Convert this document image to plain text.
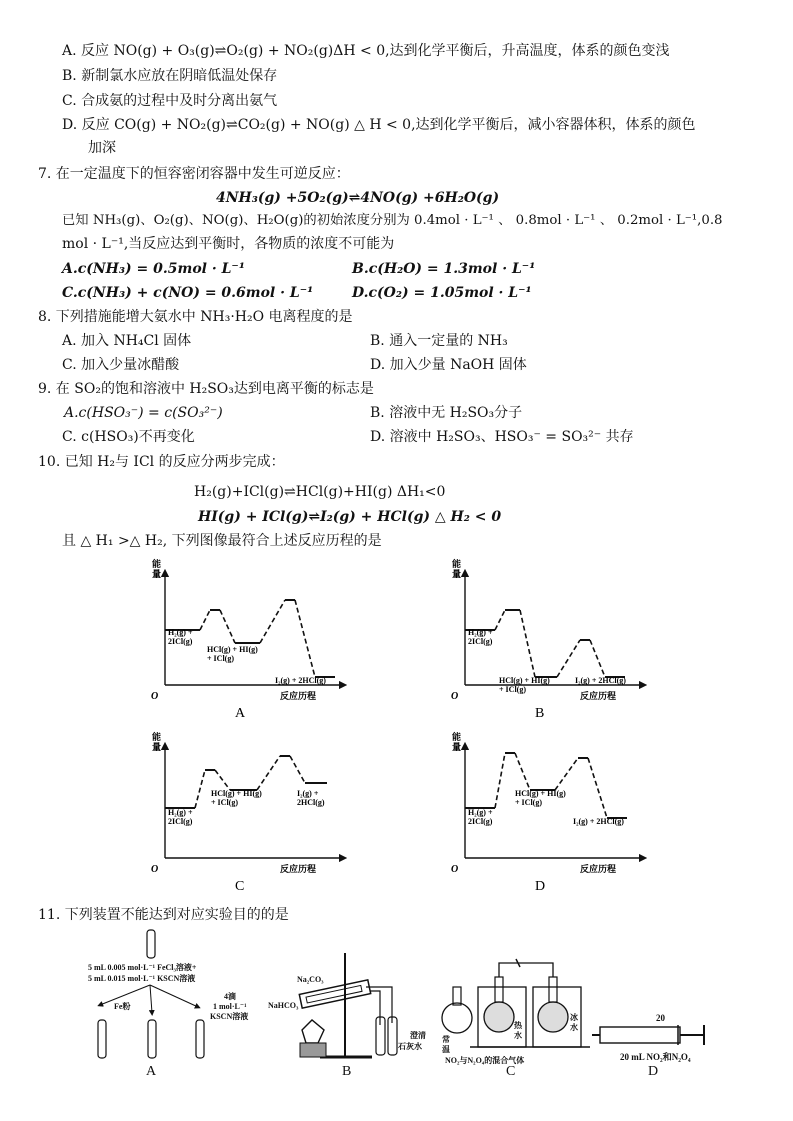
A. 反应 NO(g) + O₃(g)⇌O₂(g) + NO₂(g)ΔH < 0,达到化学平衡后，升高温度，体系的颜色变浅
B. 新制氯水应放在阴暗低温处保存
C. 合成氨的过程中及时分离出氨气
D. 反应 CO(g) + NO₂(g)⇌CO₂(g) + NO(g) △ H < 0,达到化学平衡后，减小容器体积，体系的颜色
加深
7. 在一定温度下的恒容密闭容器中发生可逆反应：
4NH₃(g) +5O₂(g)⇌4NO(g) +6H₂O(g)
已知 NH₃(g)、O₂(g)、NO(g)、H₂O(g)的初始浓度分别为 0.4mol · L⁻¹ 、 0.8mol · L⁻¹ 、 0.2mol · L⁻¹,0.8
mol · L⁻¹,当反应达到平衡时，各物质的浓度不可能为
A.c(NH₃) = 0.5mol · L⁻¹	B.c(H₂O) = 1.3mol · L⁻¹
C.c(NH₃) + c(NO) = 0.6mol · L⁻¹	D.c(O₂) = 1.05mol · L⁻¹
8. 下列措施能增大氨水中 NH₃·H₂O 电离程度的是
A. 加入 NH₄Cl 固体	B. 通入一定量的 NH₃
C. 加入少量冰醋酸	D. 加入少量 NaOH 固体
9. 在 SO₂的饱和溶液中 H₂SO₃达到电离平衡的标志是
A.c(HSO₃⁻) = c(SO₃²⁻)	B. 溶液中无 H₂SO₃分子
C. c(HSO₃)不再变化	D. 溶液中 H₂SO₃、HSO₃⁻ = SO₃²⁻ 共存
10. 已知 H₂与 ICl 的反应分两步完成：
H₂(g)+ICl(g)⇌HCl(g)+HI(g) ΔH₁<0
HI(g) + ICl(g)⇌I₂(g) + HCl(g) △ H₂ < 0
且 △ H₁ >△ H₂, 下列图像最符合上述反应历程的是
能
量
O	反应历程
H₂(g) +
2ICl(g)
HCl(g) + HI(g)
+ ICl(g)
I₂(g) + 2HCl(g)
A
能
量
O	反应历程
H₂(g) +
2ICl(g)
HCl(g) + HI(g)
+ ICl(g)
I₂(g) + 2HCl(g)
B
能
量
O	反应历程
H₂(g) +
2ICl(g)
HCl(g) + HI(g)
+ ICl(g)
I₂(g) +
2HCl(g)
C
能
量
O	反应历程
H₂(g) +
2ICl(g)
HCl(g) + HI(g)
+ ICl(g)
I₂(g) + 2HCl(g)
D
11. 下列装置不能达到对应实验目的的是
5 mL 0.005 mol·L⁻¹ FeCl₃溶液+
5 mL 0.015 mol·L⁻¹ KSCN溶液
Fe粉
4滴
1 mol·L⁻¹
KSCN溶液
Na₂CO₃
NaHCO₃
澄清
石灰水
常
温
热
水
冰
水
NO₂与N₂O₄的混合气体
20
20 mL NO₂和N₂O₄
A	B	C	D
